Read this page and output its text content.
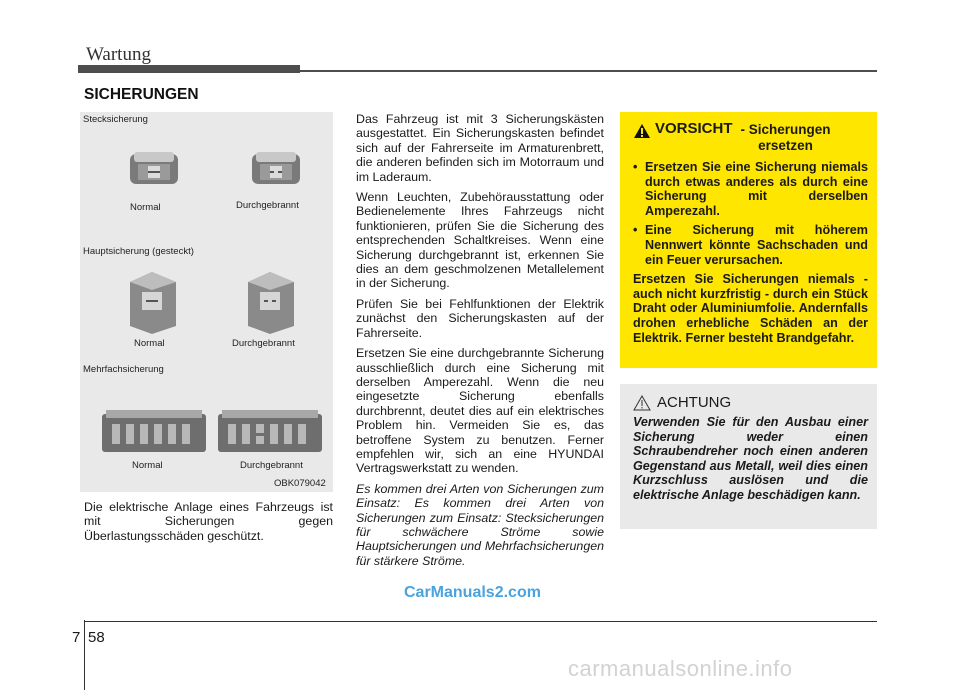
Wartung
SICHERUNGEN
Stecksicherung
Normal	Durchgebrannt
Hauptsicherung (gesteckt)
Normal	Durchgebrannt
Mehrfachsicherung
Normal	Durchgebrannt
OBK079042
Die elektrische Anlage eines Fahrzeugs ist mit Sicherungen gegen Überlastungsschäden geschützt.

Das Fahrzeug ist mit 3 Sicherungskästen ausgestattet. Ein Sicherungskasten befindet sich auf der Fahrerseite im Armaturenbrett, die anderen befinden sich im Motorraum und im Laderaum.

Wenn Leuchten, Zubehörausstattung oder Bedienelemente Ihres Fahrzeugs nicht funktionieren, prüfen Sie die Sicherung des entsprechenden Schaltkreises. Wenn eine Sicherung durchgebrannt ist, erkennen Sie dies an dem geschmolzenen Metallelement in der Sicherung.

Prüfen Sie bei Fehlfunktionen der Elektrik zunächst den Sicherungskasten auf der Fahrerseite.

Ersetzen Sie eine durchgebrannte Sicherung ausschließlich durch eine Sicherung mit derselben Amperezahl. Wenn die neu eingesetzte Sicherung ebenfalls durchbrennt, deutet dies auf ein elektrisches Problem hin. Vermeiden Sie es, das betroffene System zu benutzen. Ferner empfehlen wir, sich an eine HYUNDAI Vertragswerkstatt zu wenden.

Es kommen drei Arten von Sicherungen zum Einsatz: Es kommen drei Arten von Sicherungen zum Einsatz: Stecksicherungen für schwächere Ströme sowie Hauptsicherungen und Mehrfachsicherungen für stärkere Ströme.

VORSICHT - Sicherungen
ersetzen
• Ersetzen Sie eine Sicherung niemals durch etwas anderes als durch eine Sicherung mit derselben Amperezahl.
• Eine Sicherung mit höherem Nennwert könnte Sachschaden und ein Feuer verursachen.
Ersetzen Sie Sicherungen niemals - auch nicht kurzfristig - durch ein Stück Draht oder Aluminiumfolie. Andernfalls drohen erhebliche Schäden an der Elektrik. Ferner besteht Brandgefahr.
ACHTUNG
Verwenden Sie für den Ausbau einer Sicherung weder einen Schraubendreher noch einen anderen Gegenstand aus Metall, weil dies einen Kurzschluss auslösen und die elektrische Anlage beschädigen kann.
CarManuals2.com
7 58
carmanualsonline.info
